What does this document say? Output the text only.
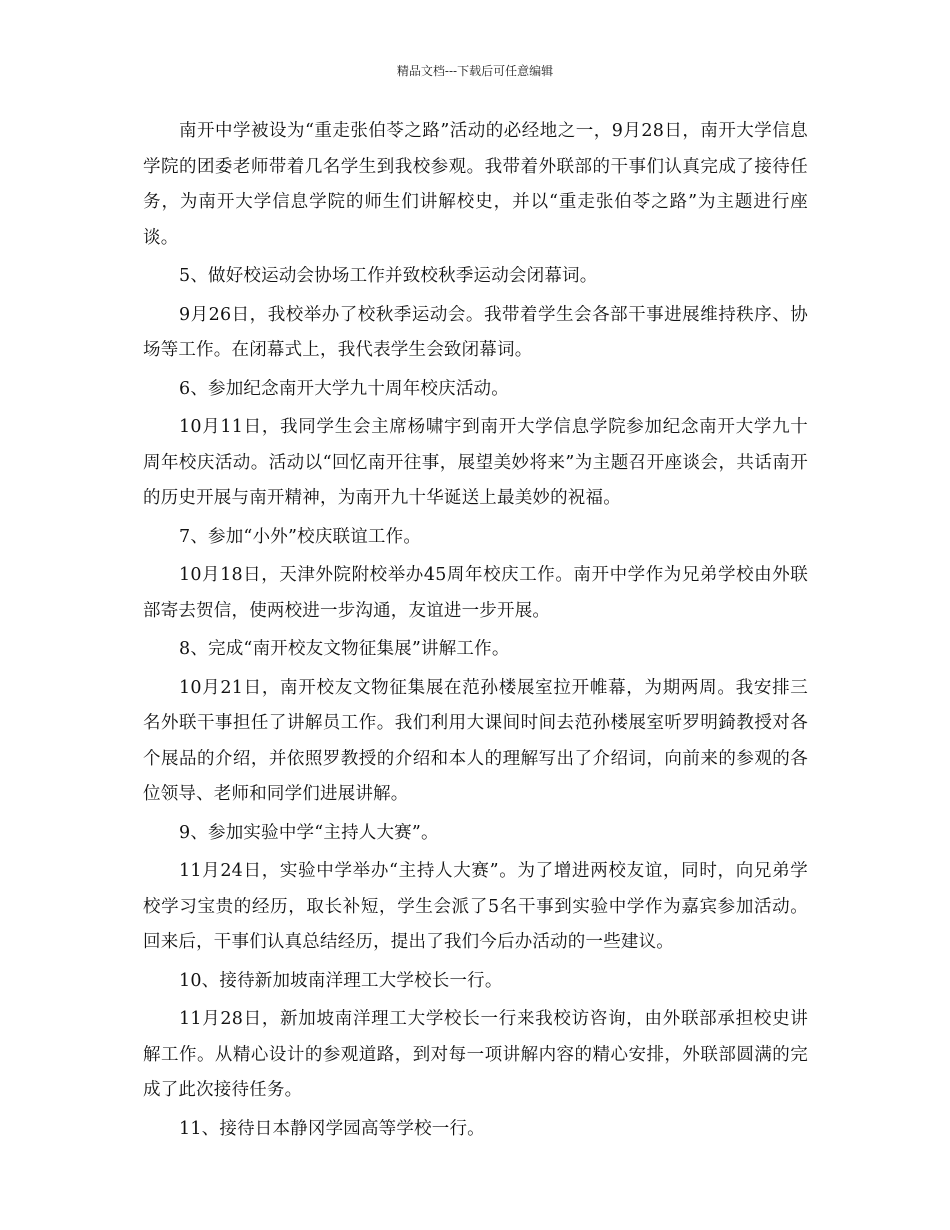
精品文档---下载后可任意编辑

南开中学被设为“重走张伯苓之路”活动的必经地之一，9月28日，南开大学信息学院的团委老师带着几名学生到我校参观。我带着外联部的干事们认真完成了接待任务，为南开大学信息学院的师生们讲解校史，并以“重走张伯苓之路”为主题进行座谈。

5、做好校运动会协场工作并致校秋季运动会闭幕词。

9月26日，我校举办了校秋季运动会。我带着学生会各部干事进展维持秩序、协场等工作。在闭幕式上，我代表学生会致闭幕词。

6、参加纪念南开大学九十周年校庆活动。

10月11日，我同学生会主席杨啸宇到南开大学信息学院参加纪念南开大学九十周年校庆活动。活动以“回忆南开往事，展望美妙将来”为主题召开座谈会，共话南开的历史开展与南开精神，为南开九十华诞送上最美妙的祝福。

7、参加“小外”校庆联谊工作。

10月18日，天津外院附校举办45周年校庆工作。南开中学作为兄弟学校由外联部寄去贺信，使两校进一步沟通，友谊进一步开展。

8、完成“南开校友文物征集展”讲解工作。

10月21日，南开校友文物征集展在范孙楼展室拉开帷幕，为期两周。我安排三名外联干事担任了讲解员工作。我们利用大课间时间去范孙楼展室听罗明錡教授对各个展品的介绍，并依照罗教授的介绍和本人的理解写出了介绍词，向前来的参观的各位领导、老师和同学们进展讲解。

9、参加实验中学“主持人大赛”。

11月24日，实验中学举办“主持人大赛”。为了增进两校友谊，同时，向兄弟学校学习宝贵的经历，取长补短，学生会派了5名干事到实验中学作为嘉宾参加活动。回来后，干事们认真总结经历，提出了我们今后办活动的一些建议。

10、接待新加坡南洋理工大学校长一行。

11月28日，新加坡南洋理工大学校长一行来我校访咨询，由外联部承担校史讲解工作。从精心设计的参观道路，到对每一项讲解内容的精心安排，外联部圆满的完成了此次接待任务。

11、接待日本静冈学园高等学校一行。
